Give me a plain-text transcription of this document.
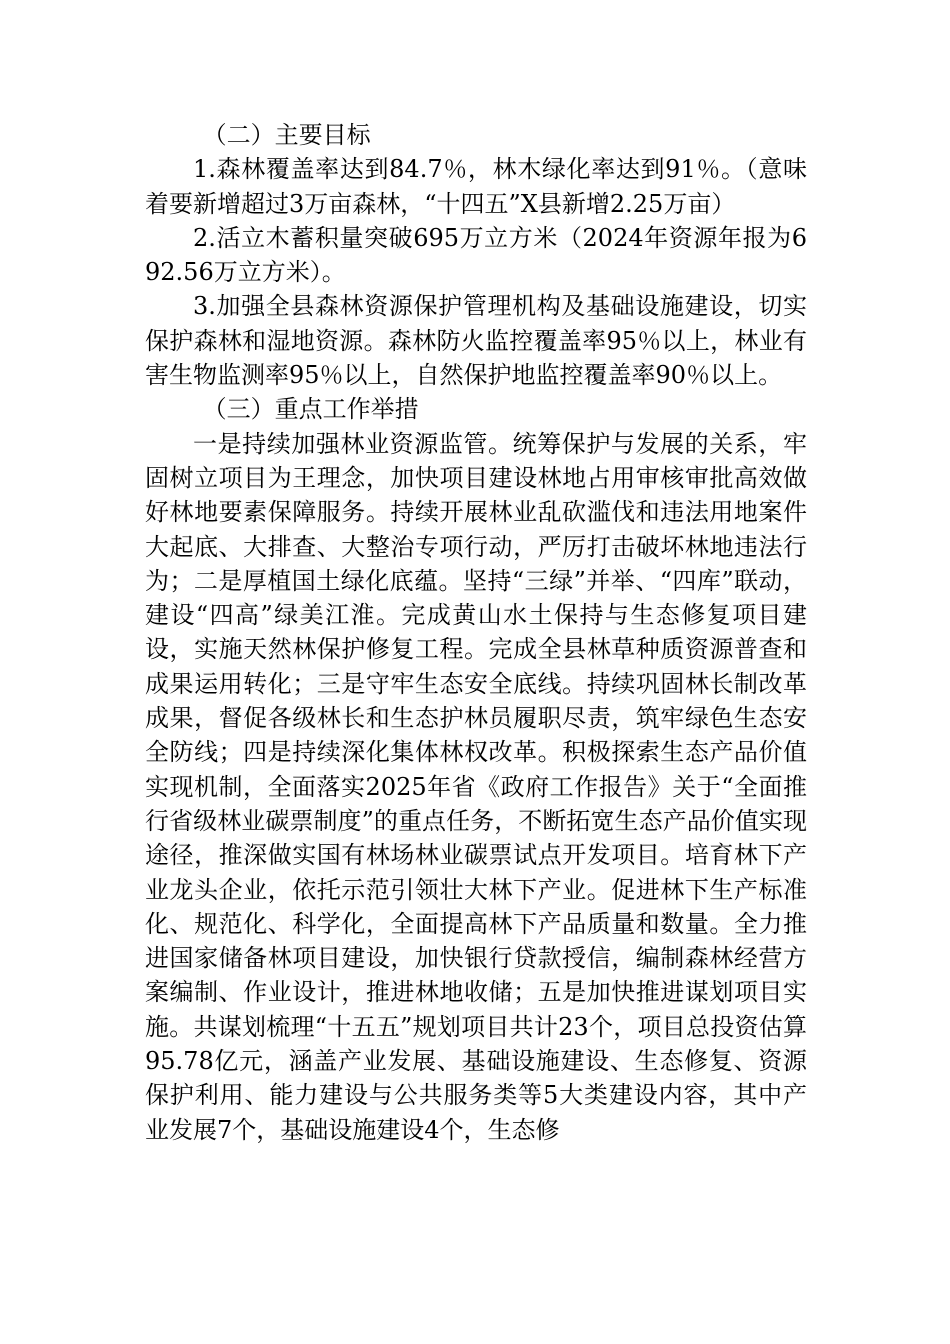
（二）主要目标

1.森林覆盖率达到84.7％，林木绿化率达到91％。（意味着要新增超过3万亩森林，“十四五”X县新增2.25万亩）

2.活立木蓄积量突破695万立方米（2024年资源年报为692.56万立方米）。

3.加强全县森林资源保护管理机构及基础设施建设，切实保护森林和湿地资源。森林防火监控覆盖率95％以上，林业有害生物监测率95％以上，自然保护地监控覆盖率90％以上。

（三）重点工作举措

一是持续加强林业资源监管。统筹保护与发展的关系，牢固树立项目为王理念，加快项目建设林地占用审核审批高效做好林地要素保障服务。持续开展林业乱砍滥伐和违法用地案件大起底、大排查、大整治专项行动，严厉打击破坏林地违法行为；二是厚植国土绿化底蕴。坚持“三绿”并举、“四库”联动，建设“四高”绿美江淮。完成黄山水土保持与生态修复项目建设，实施天然林保护修复工程。完成全县林草种质资源普查和成果运用转化；三是守牢生态安全底线。持续巩固林长制改革成果，督促各级林长和生态护林员履职尽责，筑牢绿色生态安全防线；四是持续深化集体林权改革。积极探索生态产品价值实现机制，全面落实2025年省《政府工作报告》关于“全面推行省级林业碳票制度”的重点任务，不断拓宽生态产品价值实现途径，推深做实国有林场林业碳票试点开发项目。培育林下产业龙头企业，依托示范引领壮大林下产业。促进林下生产标准化、规范化、科学化，全面提高林下产品质量和数量。全力推进国家储备林项目建设，加快银行贷款授信，编制森林经营方案编制、作业设计，推进林地收储；五是加快推进谋划项目实施。共谋划梳理“十五五”规划项目共计23个，项目总投资估算95.78亿元，涵盖产业发展、基础设施建设、生态修复、资源保护利用、能力建设与公共服务类等5大类建设内容，其中产业发展7个，基础设施建设4个，生态修
